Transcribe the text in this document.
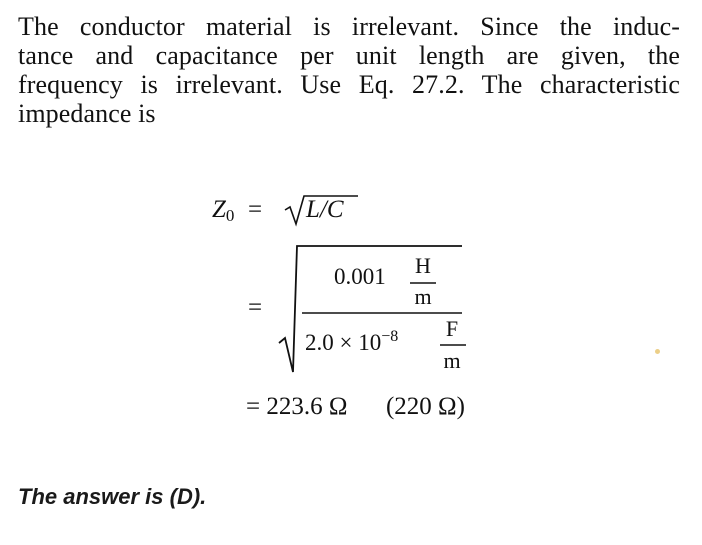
The conductor material is irrelevant. Since the induc-
tance and capacitance per unit length are given, the
frequency is irrelevant. Use Eq. 27.2. The characteristic
impedance is
$Z_0 = L/C$
=
0.001	H
m
$2.0 \times 10^{-8}$	F
m
= 223.6 Ω (220 Ω)
The answer is (D).
